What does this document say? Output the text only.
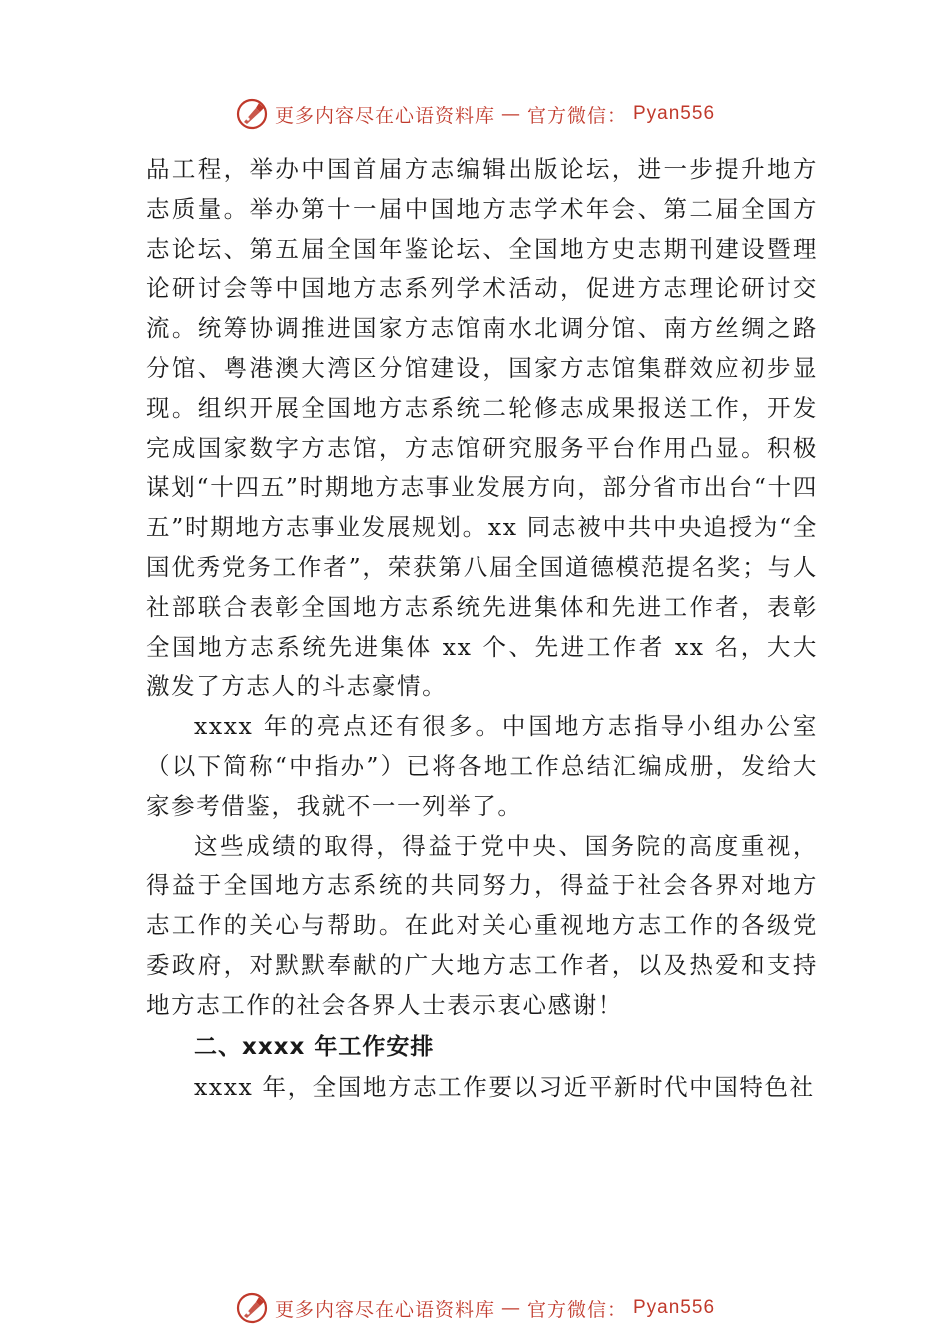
更多内容尽在心语资料库 — 官方微信： Pyan556

品工程，举办中国首届方志编辑出版论坛，进一步提升地方志质量。举办第十一届中国地方志学术年会、第二届全国方志论坛、第五届全国年鉴论坛、全国地方史志期刊建设暨理论研讨会等中国地方志系列学术活动，促进方志理论研讨交流。统筹协调推进国家方志馆南水北调分馆、南方丝绸之路分馆、粤港澳大湾区分馆建设，国家方志馆集群效应初步显现。组织开展全国地方志系统二轮修志成果报送工作，开发完成国家数字方志馆，方志馆研究服务平台作用凸显。积极谋划“十四五”时期地方志事业发展方向，部分省市出台“十四五”时期地方志事业发展规划。xx 同志被中共中央追授为“全国优秀党务工作者”，荣获第八届全国道德模范提名奖；与人社部联合表彰全国地方志系统先进集体和先进工作者，表彰全国地方志系统先进集体 xx 个、先进工作者 xx 名，大大激发了方志人的斗志豪情。

xxxx 年的亮点还有很多。中国地方志指导小组办公室（以下简称“中指办”）已将各地工作总结汇编成册，发给大家参考借鉴，我就不一一列举了。

这些成绩的取得，得益于党中央、国务院的高度重视，得益于全国地方志系统的共同努力，得益于社会各界对地方志工作的关心与帮助。在此对关心重视地方志工作的各级党委政府，对默默奉献的广大地方志工作者，以及热爱和支持地方志工作的社会各界人士表示衷心感谢！

二、xxxx 年工作安排

xxxx 年，全国地方志工作要以习近平新时代中国特色社

更多内容尽在心语资料库 — 官方微信： Pyan556
